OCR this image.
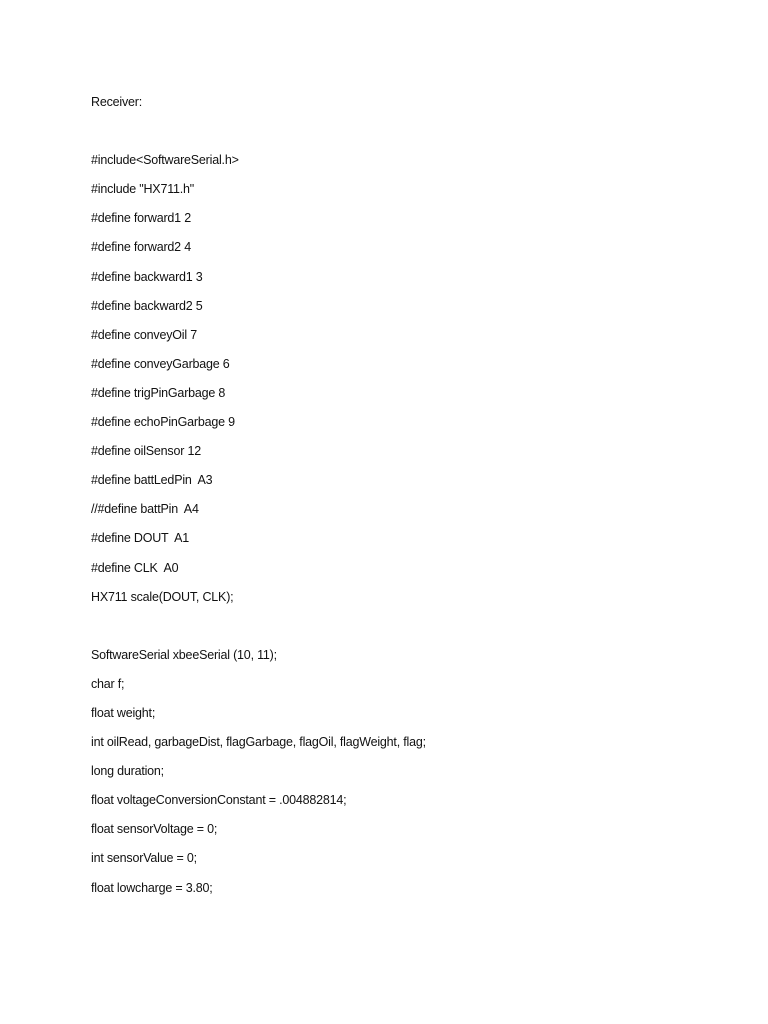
Receiver:
#include<SoftwareSerial.h>
#include "HX711.h"
#define forward1 2
#define forward2 4
#define backward1 3
#define backward2 5
#define conveyOil 7
#define conveyGarbage 6
#define trigPinGarbage 8
#define echoPinGarbage 9
#define oilSensor 12
#define battLedPin  A3
//#define battPin  A4
#define DOUT  A1
#define CLK  A0
HX711 scale(DOUT, CLK);
SoftwareSerial xbeeSerial (10, 11);
char f;
float weight;
int oilRead, garbageDist, flagGarbage, flagOil, flagWeight, flag;
long duration;
float voltageConversionConstant = .004882814;
float sensorVoltage = 0;
int sensorValue = 0;
float lowcharge = 3.80;
